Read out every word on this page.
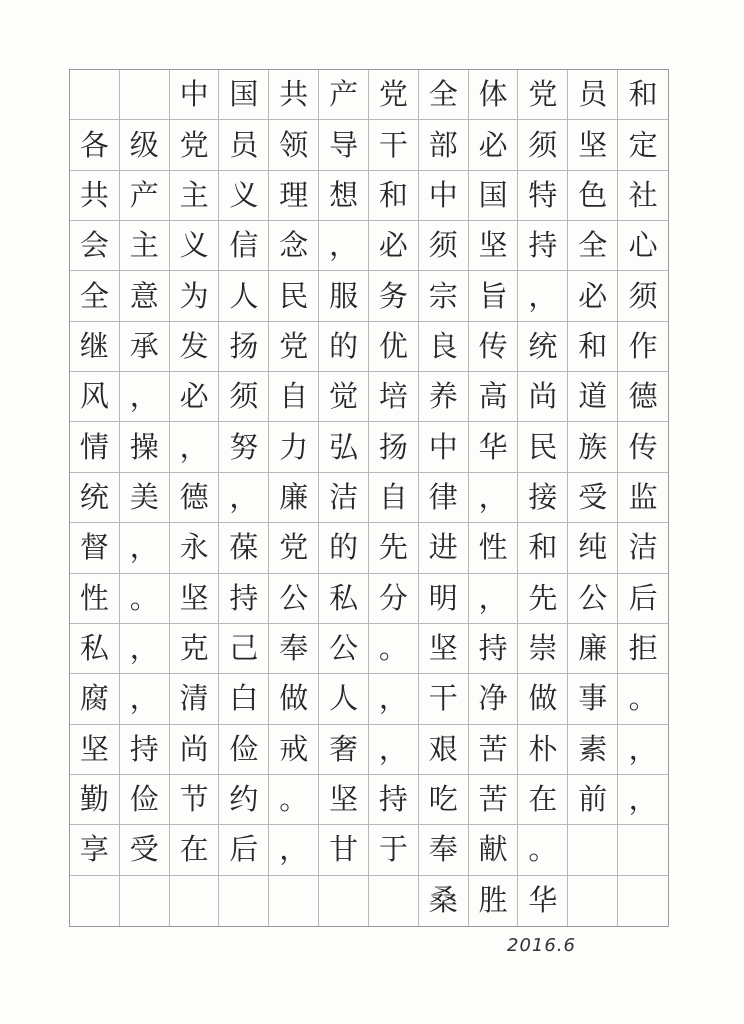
中 国 共 产 党 全 体 党 员 和
各 级 党 员 领 导 干 部 必 须 坚 定
共 产 主 义 理 想 和 中 国 特 色 社
会 主 义 信 念 ， 必 须 坚 持 全 心
全 意 为 人 民 服 务 宗 旨 ， 必 须
继 承 发 扬 党 的 优 良 传 统 和 作
风 ， 必 须 自 觉 培 养 高 尚 道 德
情 操 ， 努 力 弘 扬 中 华 民 族 传
统 美 德 ， 廉 洁 自 律 ， 接 受 监
督 ， 永 葆 党 的 先 进 性 和 纯 洁
性 。 坚 持 公 私 分 明 ， 先 公 后
私 ， 克 己 奉 公 。 坚 持 崇 廉 拒
腐 ， 清 白 做 人 ， 干 净 做 事 。
坚 持 尚 俭 戒 奢 ， 艰 苦 朴 素 ，
勤 俭 节 约 。 坚 持 吃 苦 在 前 ，
享 受 在 后 ， 甘 于 奉 献 。
桑 胜 华
2016.6
